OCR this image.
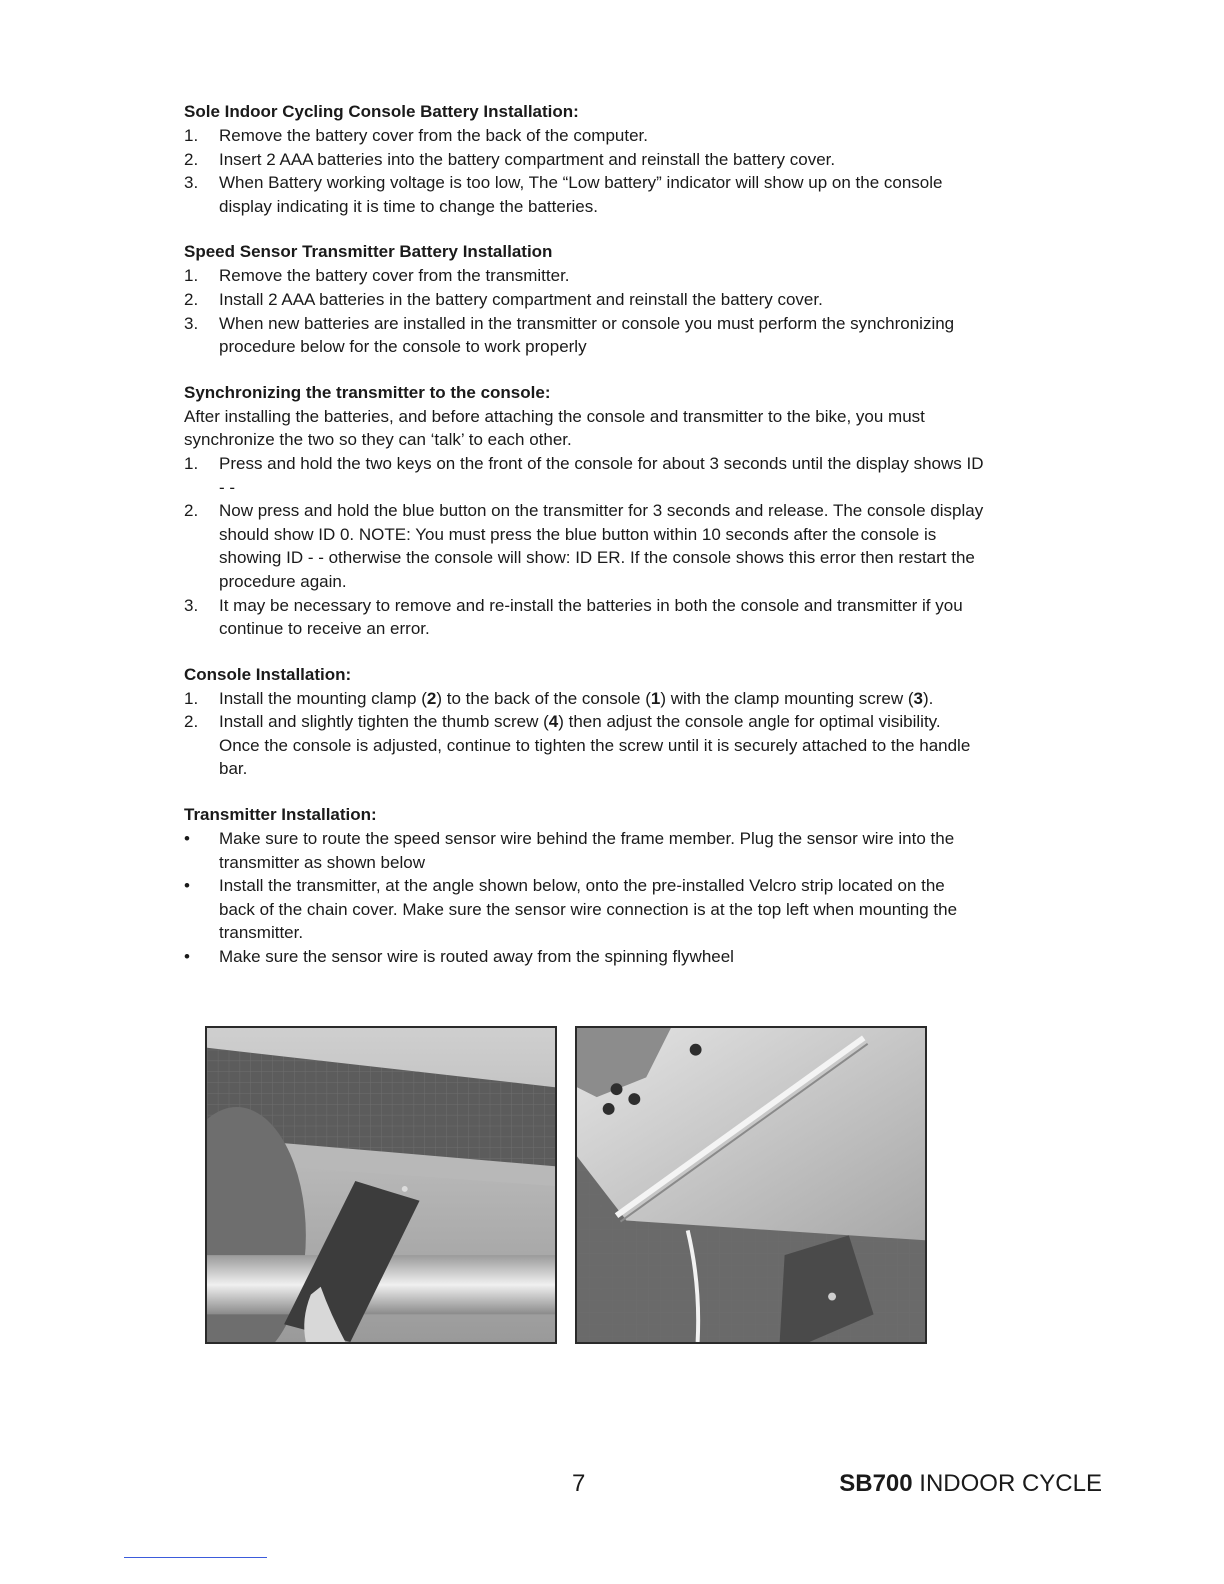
Sole Indoor Cycling Console Battery Installation:

1.	Remove the battery cover from the back of the computer.
2.	Insert 2 AAA batteries into the battery compartment and reinstall the battery cover.
3.	When Battery working voltage is too low, The “Low battery” indicator will show up on the console display indicating it is time to change the batteries.

Speed Sensor Transmitter Battery Installation

1.	Remove the battery cover from the transmitter.
2.	Install 2 AAA batteries in the battery compartment and reinstall the battery cover.
3.	When new batteries are installed in the transmitter or console you must perform the synchronizing procedure below for the console to work properly

Synchronizing the transmitter to the console:

After installing the batteries, and before attaching the console and transmitter to the bike, you must synchronize the two so they can ‘talk’ to each other.

1.	Press and hold the two keys on the front of the console for about 3 seconds until the display shows ID - -
2.	Now press and hold the blue button on the transmitter for 3 seconds and release. The console display should show ID 0. NOTE: You must press the blue button within 10 seconds after the console is showing ID - - otherwise the console will show: ID ER. If the console shows this error then restart the procedure again.
3.	It may be necessary to remove and re-install the batteries in both the console and transmitter if you continue to receive an error.

Console Installation:

1.	Install the mounting clamp (2) to the back of the console (1) with the clamp mounting screw (3).
2.	Install and slightly tighten the thumb screw (4) then adjust the console angle for optimal visibility. Once the console is adjusted, continue to tighten the screw until it is securely attached to the handle bar.

Transmitter Installation:

•	Make sure to route the speed sensor wire behind the frame member. Plug the sensor wire into the transmitter as shown below
•	Install the transmitter, at the angle shown below, onto the pre-installed Velcro strip located on the back of the chain cover. Make sure the sensor wire connection is at the top left when mounting the transmitter.
•	Make sure the sensor wire is routed away from the spinning flywheel
7	SB700 INDOOR CYCLE
